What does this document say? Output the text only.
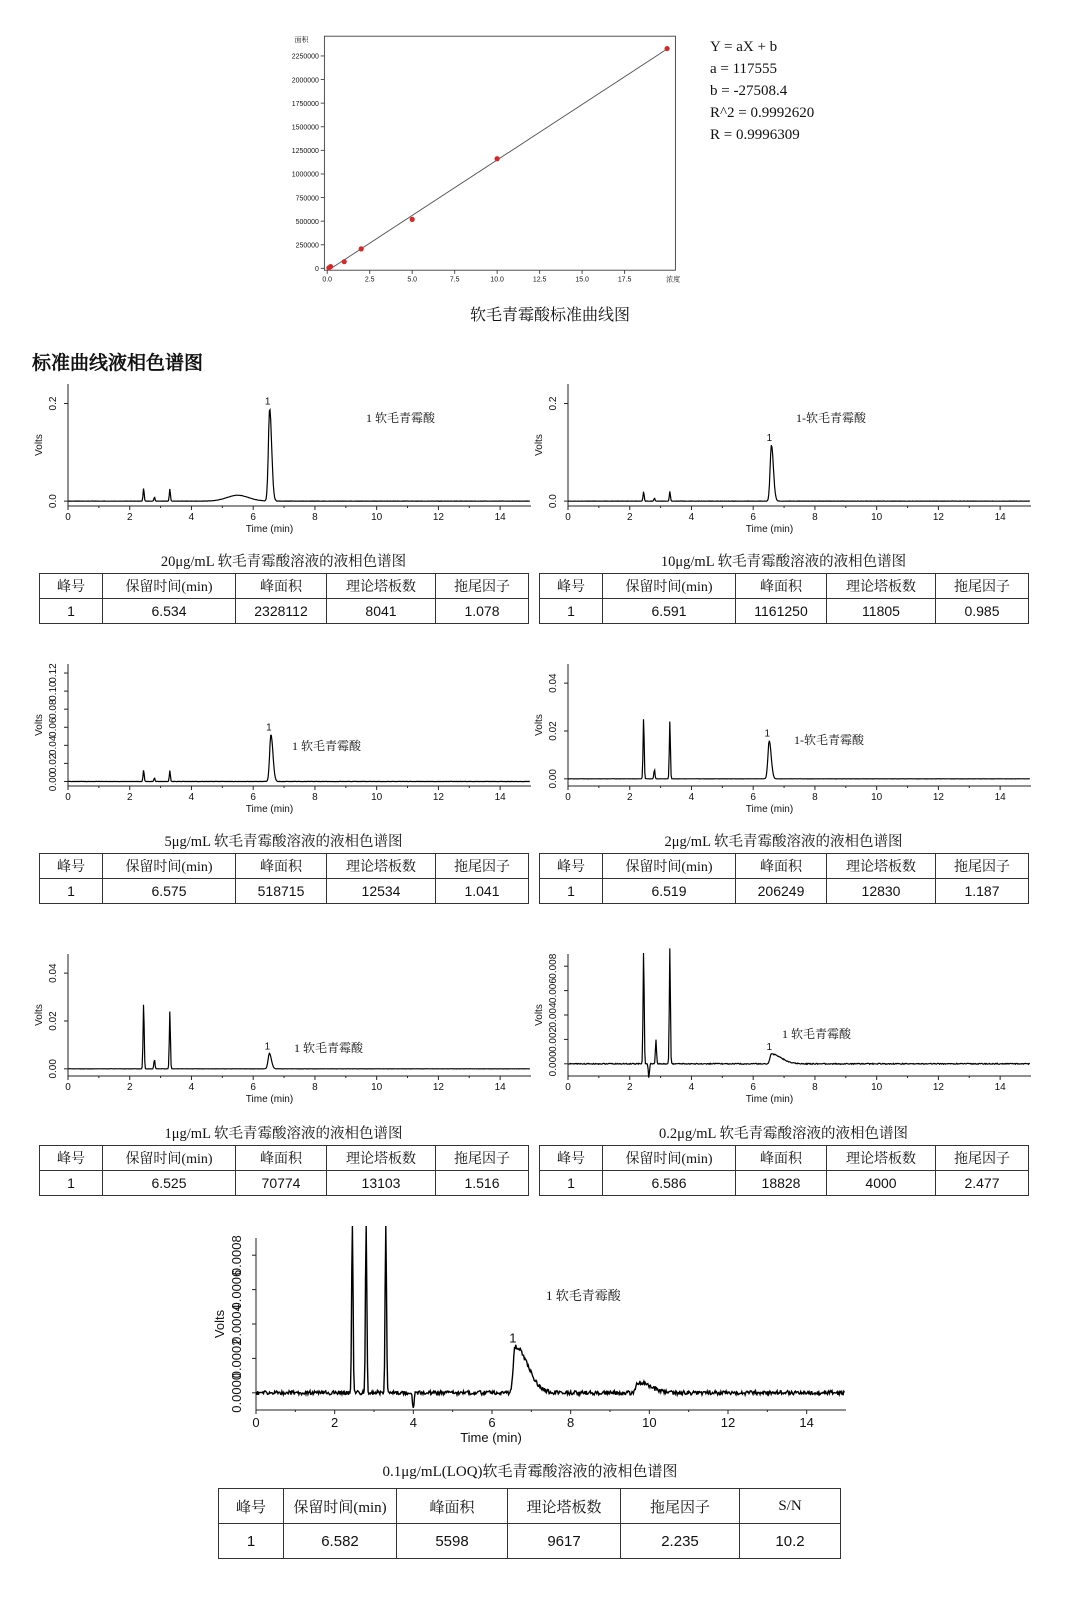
0
250000
500000
750000
1000000
1250000
1500000
1750000
2000000
2250000
0.0	2.5	5.0	7.5	10.0	12.5	15.0	17.5
面积
浓度
Y = aX + b
a = 117555
b = -27508.4
R^2 = 0.9992620
R = 0.9996309
软毛青霉酸标准曲线图
标准曲线液相色谱图
0	2	4	6	8	10	12	14
Time (min)
0.0
0.2
Volts
1
1 软毛青霉酸
20μg/mL 软毛青霉酸溶液的液相色谱图
峰号	保留时间(min)	峰面积	理论塔板数	拖尾因子
1	6.534	2328112	8041	1.078
0	2	4	6	8	10	12	14
Time (min)
0.0
0.2
Volts	1
1-软毛青霉酸
10μg/mL 软毛青霉酸溶液的液相色谱图
峰号	保留时间(min)	峰面积	理论塔板数	拖尾因子
1	6.591	1161250	11805	0.985
0	2	4	6	8	10	12	14
Time (min)
0.00
0.02
0.04
0.06
0.08
0.10
0.12
Volts	1
1 软毛青霉酸
5μg/mL 软毛青霉酸溶液的液相色谱图
峰号	保留时间(min)	峰面积	理论塔板数	拖尾因子
1	6.575	518715	12534	1.041
0	2	4	6	8	10	12	14
Time (min)
0.00
0.02
0.04
Volts	1 1-软毛青霉酸
2μg/mL 软毛青霉酸溶液的液相色谱图
峰号	保留时间(min)	峰面积	理论塔板数	拖尾因子
1	6.519	206249	12830	1.187
0	2	4	6	8	10	12	14
Time (min)
0.00
0.02
0.04
Volts
1 1 软毛青霉酸
1μg/mL 软毛青霉酸溶液的液相色谱图
峰号	保留时间(min)	峰面积	理论塔板数	拖尾因子
1	6.525	70774	13103	1.516
0	2	4	6	8	10	12	14
Time (min)
0.000
0.002
0.004
0.006
0.008
Volts
1
1 软毛青霉酸
0.2μg/mL 软毛青霉酸溶液的液相色谱图
峰号	保留时间(min)	峰面积	理论塔板数	拖尾因子
1	6.586	18828	4000	2.477
0	2	4	6	8	10	12	14
Time (min)
0.0000
0.0002
0.0004
0.0006
0.0008
Volts	1
1 软毛青霉酸
0.1μg/mL(LOQ)软毛青霉酸溶液的液相色谱图
峰号	保留时间(min)	峰面积	理论塔板数	拖尾因子	S/N
1	6.582	5598	9617	2.235	10.2
